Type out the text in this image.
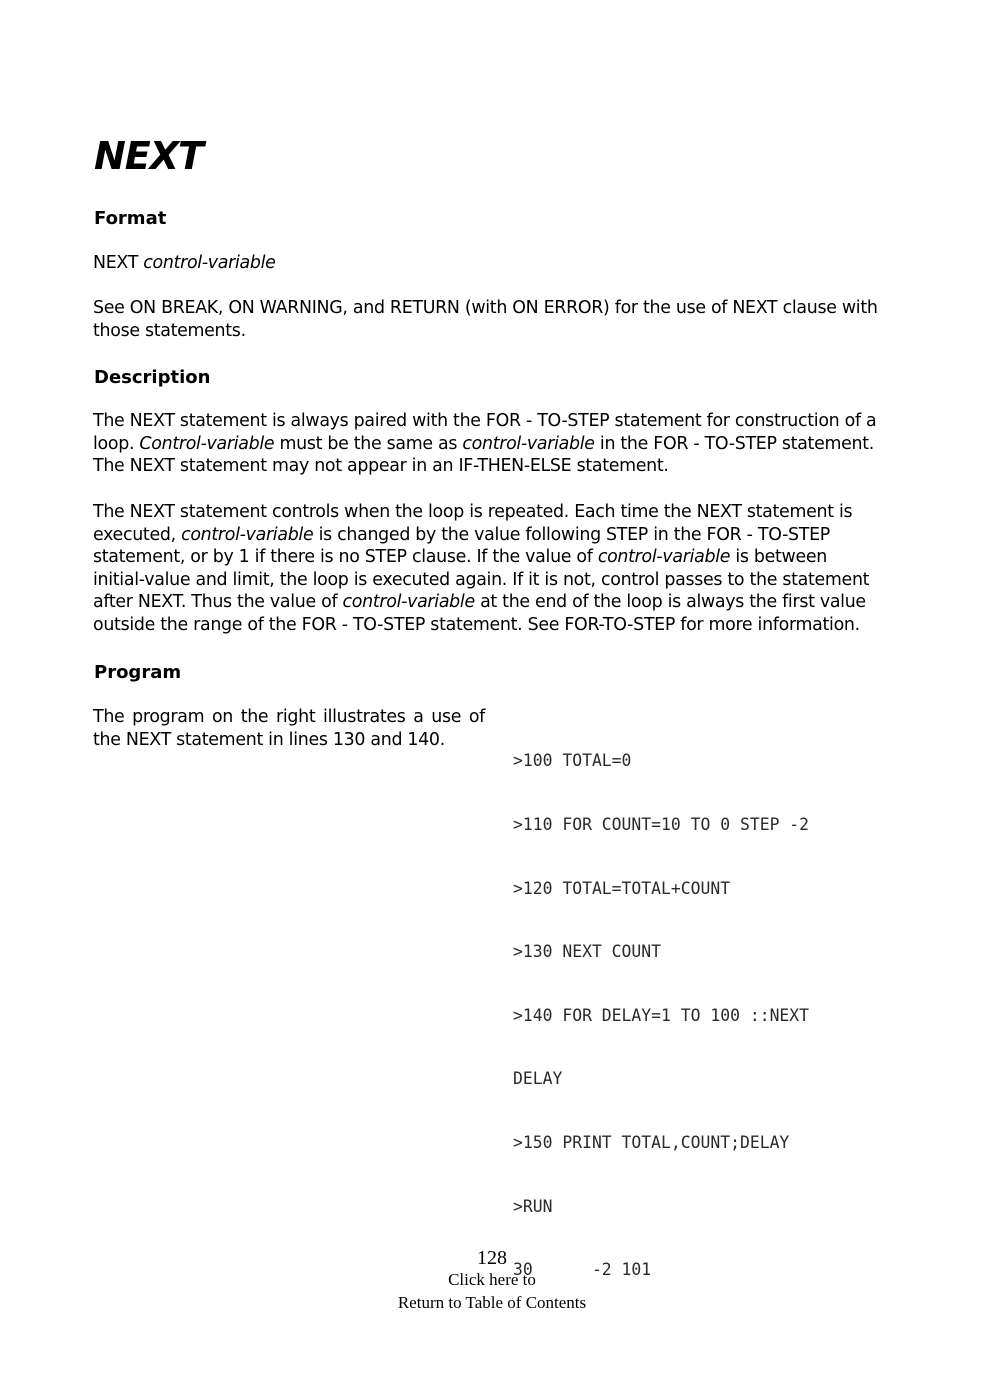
NEXT
Format

NEXT control-variable

See ON BREAK, ON WARNING, and RETURN (with ON ERROR) for the use of NEXT clause with those statements.

Description

The NEXT statement is always paired with the FOR - TO-STEP statement for construction of a loop. Control-variable must be the same as control-variable in the FOR - TO-STEP statement. The NEXT statement may not appear in an IF-THEN-ELSE statement.

The NEXT statement controls when the loop is repeated. Each time the NEXT statement is executed, control-variable is changed by the value following STEP in the FOR - TO-STEP statement, or by 1 if there is no STEP clause. If the value of control-variable is between initial-value and limit, the loop is executed again. If it is not, control passes to the statement after NEXT. Thus the value of control-variable at the end of the loop is always the first value outside the range of the FOR - TO-STEP statement. See FOR-TO-STEP for more information.

Program

The program on the right illustrates a use of the NEXT statement in lines 130 and 140.

>100 TOTAL=0

>110 FOR COUNT=10 TO 0 STEP -2

>120 TOTAL=TOTAL+COUNT

>130 NEXT COUNT

>140 FOR DELAY=1 TO 100 ::NEXT

DELAY

>150 PRINT TOTAL,COUNT;DELAY

>RUN

30      -2 101

128
Click here to
Return to Table of Contents
